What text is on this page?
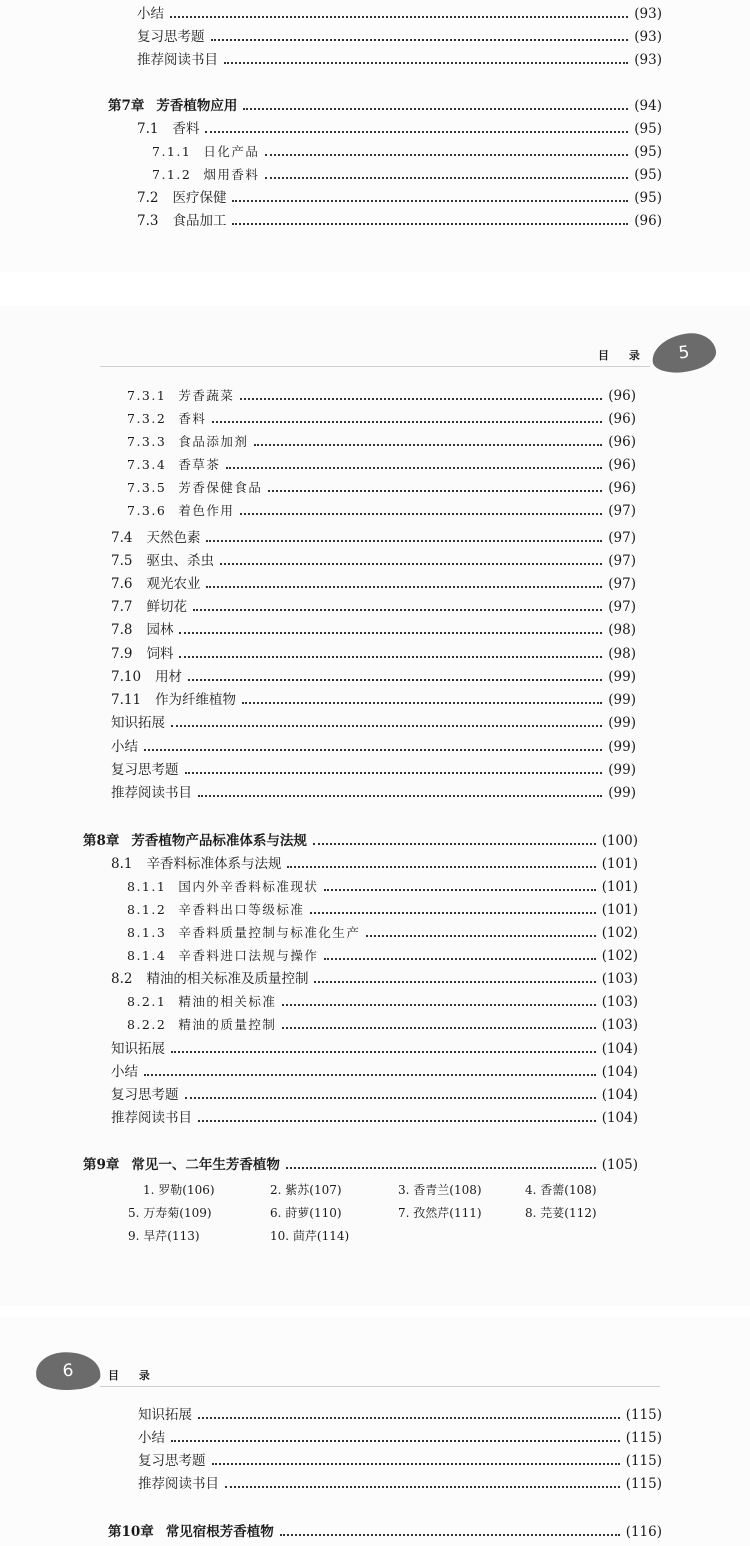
目 录 5
6	目 录
1. 罗勒(106)	2. 紫苏(107)	3. 香青兰(108)	4. 香薷(108)
5. 万寿菊(109)	6. 莳萝(110)	7. 孜然芹(111)	8. 芫荽(112)
9. 旱芹(113)	10. 茴芹(114)
小结	(93)
复习思考题	(93)
推荐阅读书目	(93)
第7章 芳香植物应用	(94)
7.1 香料	(95)
7.1.1 日化产品	(95)
7.1.2 烟用香料	(95)
7.2 医疗保健	(95)
7.3 食品加工	(96)
7.3.1 芳香蔬菜	(96)
7.3.2 香料	(96)
7.3.3 食品添加剂	(96)
7.3.4 香草茶	(96)
7.3.5 芳香保健食品	(96)
7.3.6 着色作用	(97)
7.4 天然色素	(97)
7.5 驱虫、杀虫	(97)
7.6 观光农业	(97)
7.7 鲜切花	(97)
7.8 园林	(98)
7.9 饲料	(98)
7.10 用材	(99)
7.11 作为纤维植物	(99)
知识拓展	(99)
小结	(99)
复习思考题	(99)
推荐阅读书目	(99)
第8章 芳香植物产品标准体系与法规	(100)
8.1 辛香料标准体系与法规	(101)
8.1.1 国内外辛香料标准现状	(101)
8.1.2 辛香料出口等级标准	(101)
8.1.3 辛香料质量控制与标准化生产	(102)
8.1.4 辛香料进口法规与操作	(102)
8.2 精油的相关标准及质量控制	(103)
8.2.1 精油的相关标准	(103)
8.2.2 精油的质量控制	(103)
知识拓展	(104)
小结	(104)
复习思考题	(104)
推荐阅读书目	(104)
第9章 常见一、二年生芳香植物	(105)
知识拓展	(115)
小结	(115)
复习思考题	(115)
推荐阅读书目	(115)
第10章 常见宿根芳香植物	(116)
